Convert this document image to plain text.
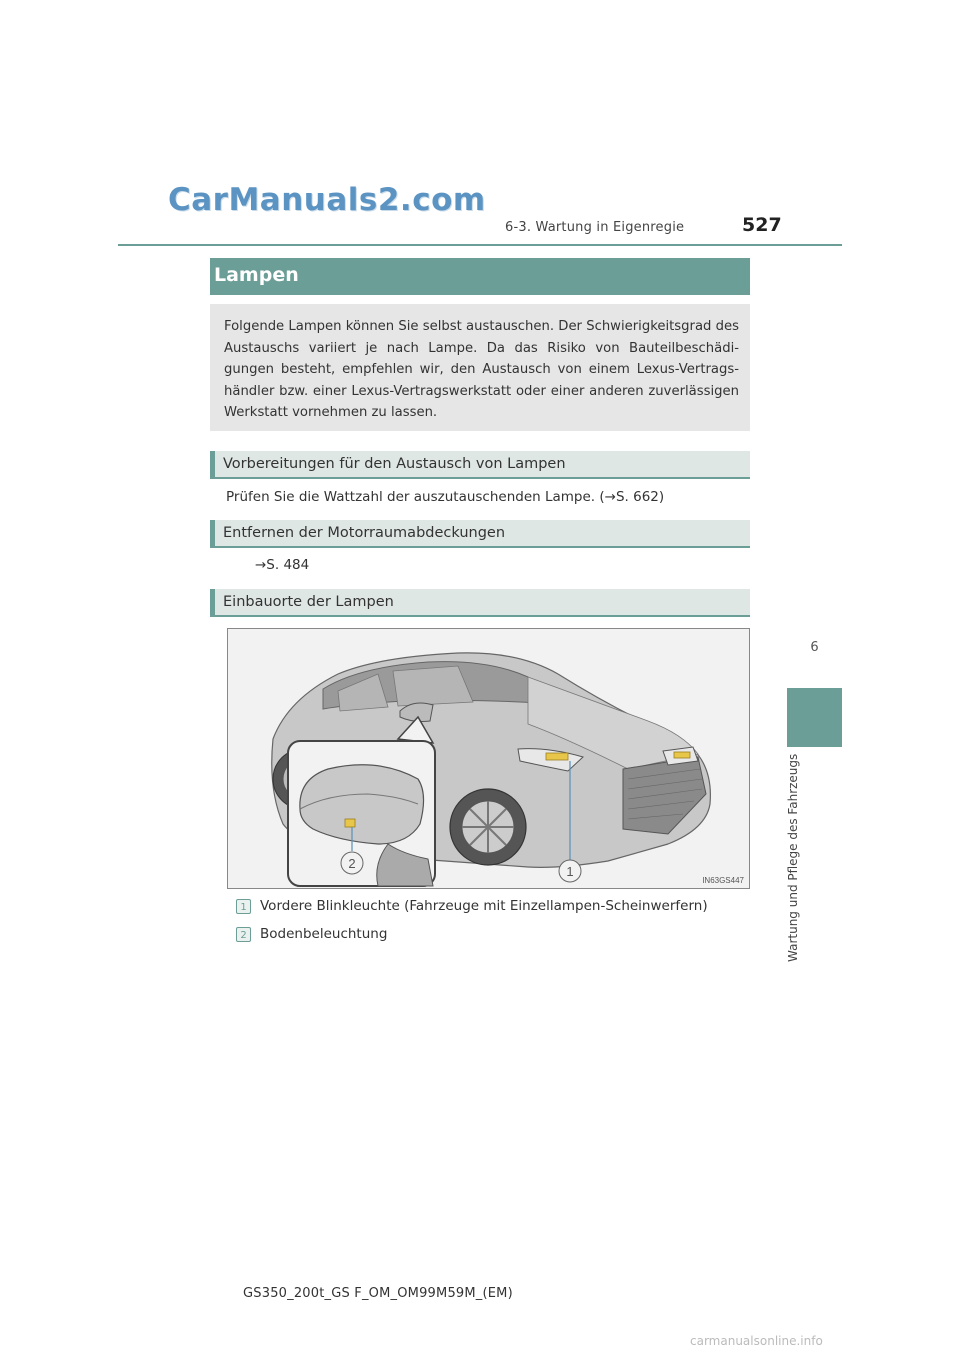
CarManuals2.com
6-3. Wartung in Eigenregie	527
6
Wartung und Pflege des Fahrzeugs
Lampen
Folgende Lampen können Sie selbst austauschen. Der Schwierigkeitsgrad des Austauschs variiert je nach Lampe. Da das Risiko von Bauteilbeschädi-gungen besteht, empfehlen wir, den Austausch von einem Lexus-Vertrags-händler bzw. einer Lexus-Vertragswerkstatt oder einer anderen zuverlässigen Werkstatt vornehmen zu lassen.
Vorbereitungen für den Austausch von Lampen
Prüfen Sie die Wattzahl der auszutauschenden Lampe. (→S. 662)
Entfernen der Motorraumabdeckungen
→S. 484
Einbauorte der Lampen
2
1
IN63GS447
1 Vordere Blinkleuchte (Fahrzeuge mit Einzellampen-Scheinwerfern)
2 Bodenbeleuchtung
GS350_200t_GS F_OM_OM99M59M_(EM)
carmanualsonline.info
